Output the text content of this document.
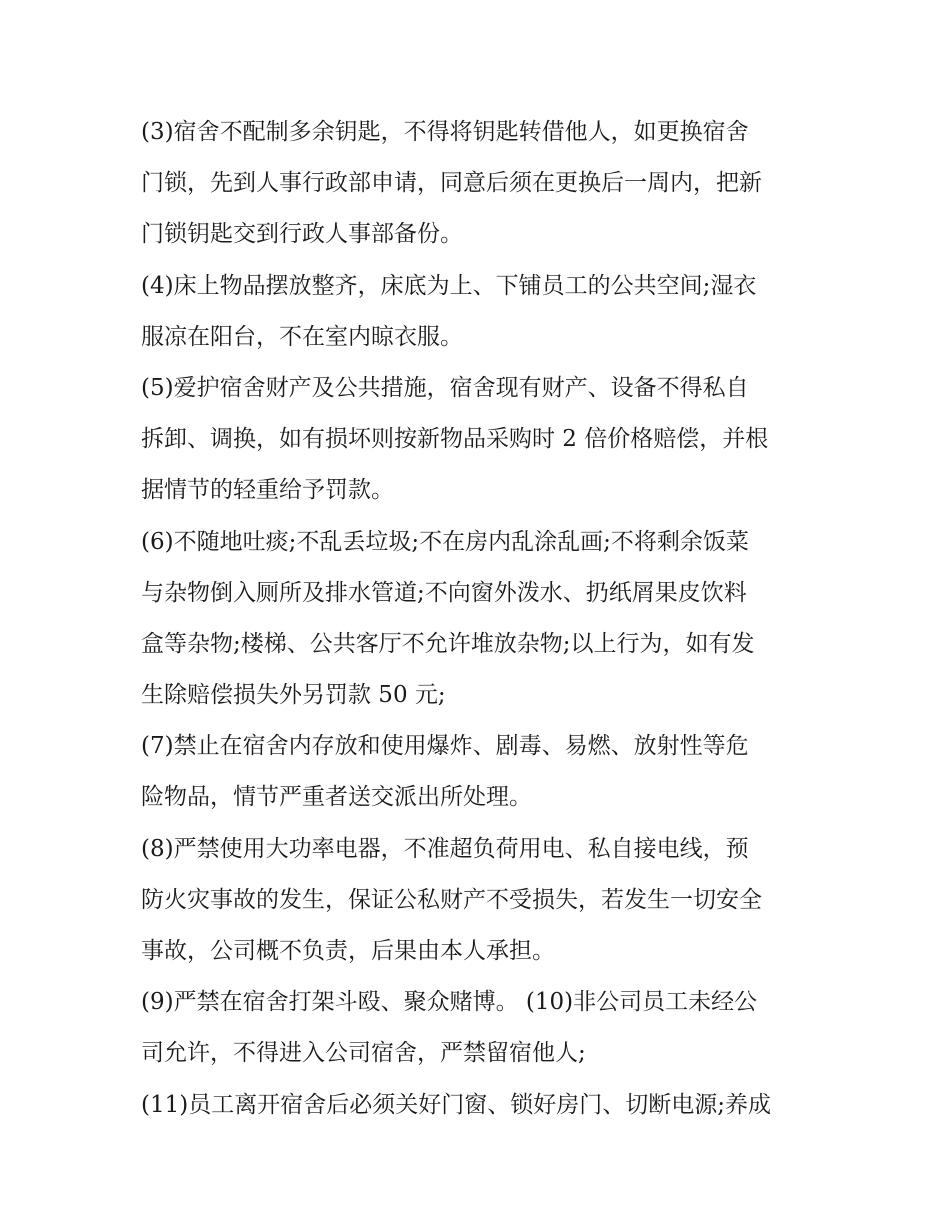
(3)宿舍不配制多余钥匙，不得将钥匙转借他人，如更换宿舍
门锁，先到人事行政部申请，同意后须在更换后一周内，把新
门锁钥匙交到行政人事部备份。
(4)床上物品摆放整齐，床底为上、下铺员工的公共空间;湿衣
服凉在阳台，不在室内晾衣服。
(5)爱护宿舍财产及公共措施，宿舍现有财产、设备不得私自
拆卸、调换，如有损坏则按新物品采购时 2 倍价格赔偿，并根
据情节的轻重给予罚款。
(6)不随地吐痰;不乱丢垃圾;不在房内乱涂乱画;不将剩余饭菜
与杂物倒入厕所及排水管道;不向窗外泼水、扔纸屑果皮饮料
盒等杂物;楼梯、公共客厅不允许堆放杂物;以上行为，如有发
生除赔偿损失外另罚款 50 元;
(7)禁止在宿舍内存放和使用爆炸、剧毒、易燃、放射性等危
险物品，情节严重者送交派出所处理。
(8)严禁使用大功率电器，不准超负荷用电、私自接电线，预
防火灾事故的发生，保证公私财产不受损失，若发生一切安全
事故，公司概不负责，后果由本人承担。
(9)严禁在宿舍打架斗殴、聚众赌博。 (10)非公司员工未经公
司允许，不得进入公司宿舍，严禁留宿他人;
(11)员工离开宿舍后必须关好门窗、锁好房门、切断电源;养成
